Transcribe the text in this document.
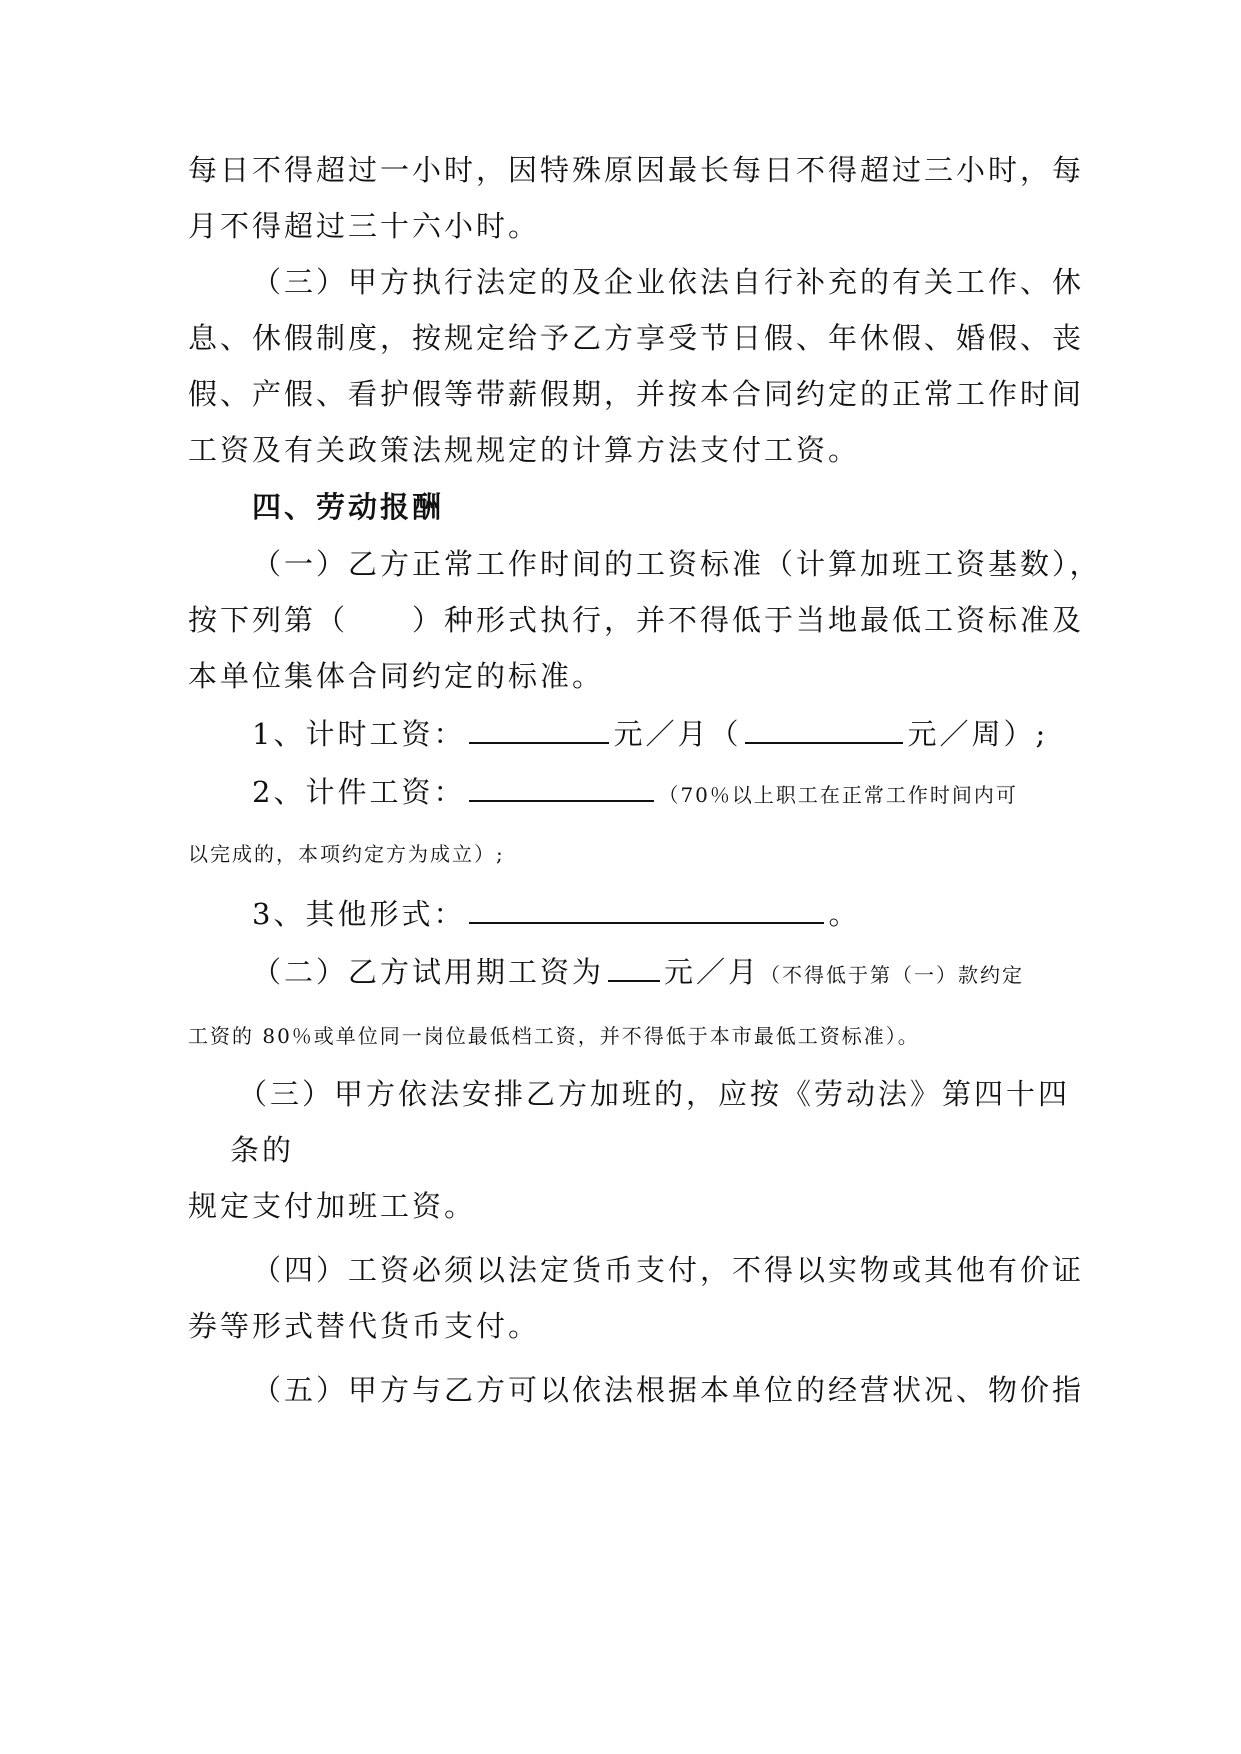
每日不得超过一小时，因特殊原因最长每日不得超过三小时，每
月不得超过三十六小时。
（三）甲方执行法定的及企业依法自行补充的有关工作、休
息、休假制度，按规定给予乙方享受节日假、年休假、婚假、丧
假、产假、看护假等带薪假期，并按本合同约定的正常工作时间
工资及有关政策法规规定的计算方法支付工资。
四、劳动报酬
（一）乙方正常工作时间的工资标准（计算加班工资基数），
按下列第（　　）种形式执行，并不得低于当地最低工资标准及
本单位集体合同约定的标准。
1、计时工资：	元／月（	元／周）;
2、计件工资：	（70％以上职工在正常工作时间内可
以完成的，本项约定方为成立）;
3、其他形式：	。
（二）乙方试用期工资为 元／月（不得低于第（一）款约定
工资的 80％或单位同一岗位最低档工资，并不得低于本市最低工资标准）。
（三）甲方依法安排乙方加班的，应按《劳动法》第四十四
条的
规定支付加班工资。
（四）工资必须以法定货币支付，不得以实物或其他有价证
券等形式替代货币支付。
（五）甲方与乙方可以依法根据本单位的经营状况、物价指
